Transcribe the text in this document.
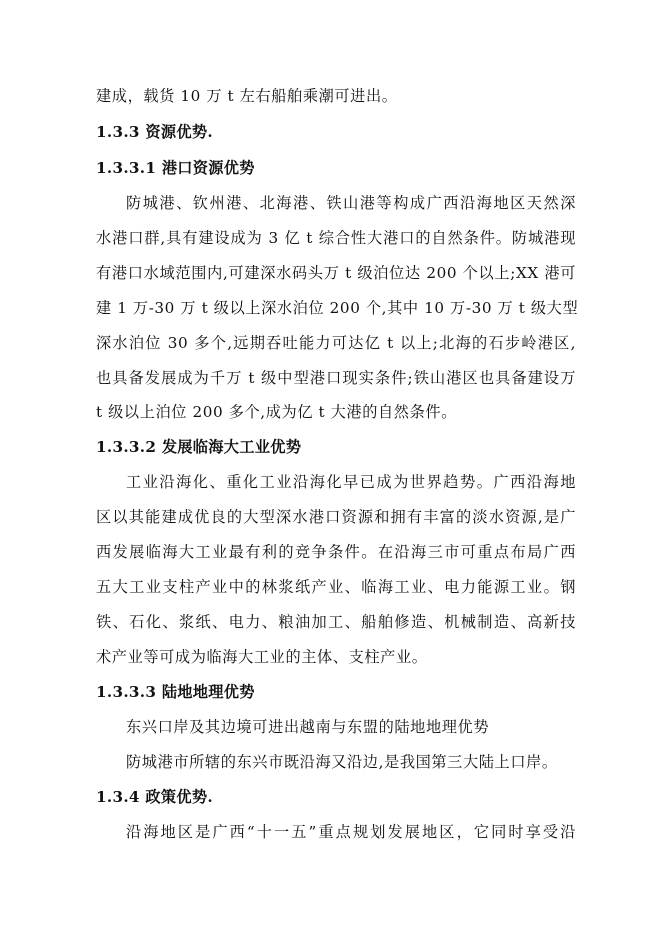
建成，载货 10 万 t 左右船舶乘潮可进出。
1.3.3 资源优势.
1.3.3.1 港口资源优势
防城港、钦州港、北海港、铁山港等构成广西沿海地区天然深
水港口群,具有建设成为 3 亿 t 综合性大港口的自然条件。防城港现
有港口水域范围内,可建深水码头万 t 级泊位达 200 个以上;XX 港可
建 1 万-30 万 t 级以上深水泊位 200 个,其中 10 万-30 万 t 级大型
深水泊位 30 多个,远期吞吐能力可达亿 t 以上;北海的石步岭港区,
也具备发展成为千万 t 级中型港口现实条件;铁山港区也具备建设万
t 级以上泊位 200 多个,成为亿 t 大港的自然条件。
1.3.3.2 发展临海大工业优势
工业沿海化、重化工业沿海化早已成为世界趋势。广西沿海地
区以其能建成优良的大型深水港口资源和拥有丰富的淡水资源,是广
西发展临海大工业最有利的竞争条件。在沿海三市可重点布局广西
五大工业支柱产业中的林浆纸产业、临海工业、电力能源工业。钢
铁、石化、浆纸、电力、粮油加工、船舶修造、机械制造、高新技
术产业等可成为临海大工业的主体、支柱产业。
1.3.3.3 陆地地理优势
东兴口岸及其边境可进出越南与东盟的陆地地理优势
防城港市所辖的东兴市既沿海又沿边,是我国第三大陆上口岸。
1.3.4 政策优势.
沿海地区是广西“十一五”重点规划发展地区，它同时享受沿
